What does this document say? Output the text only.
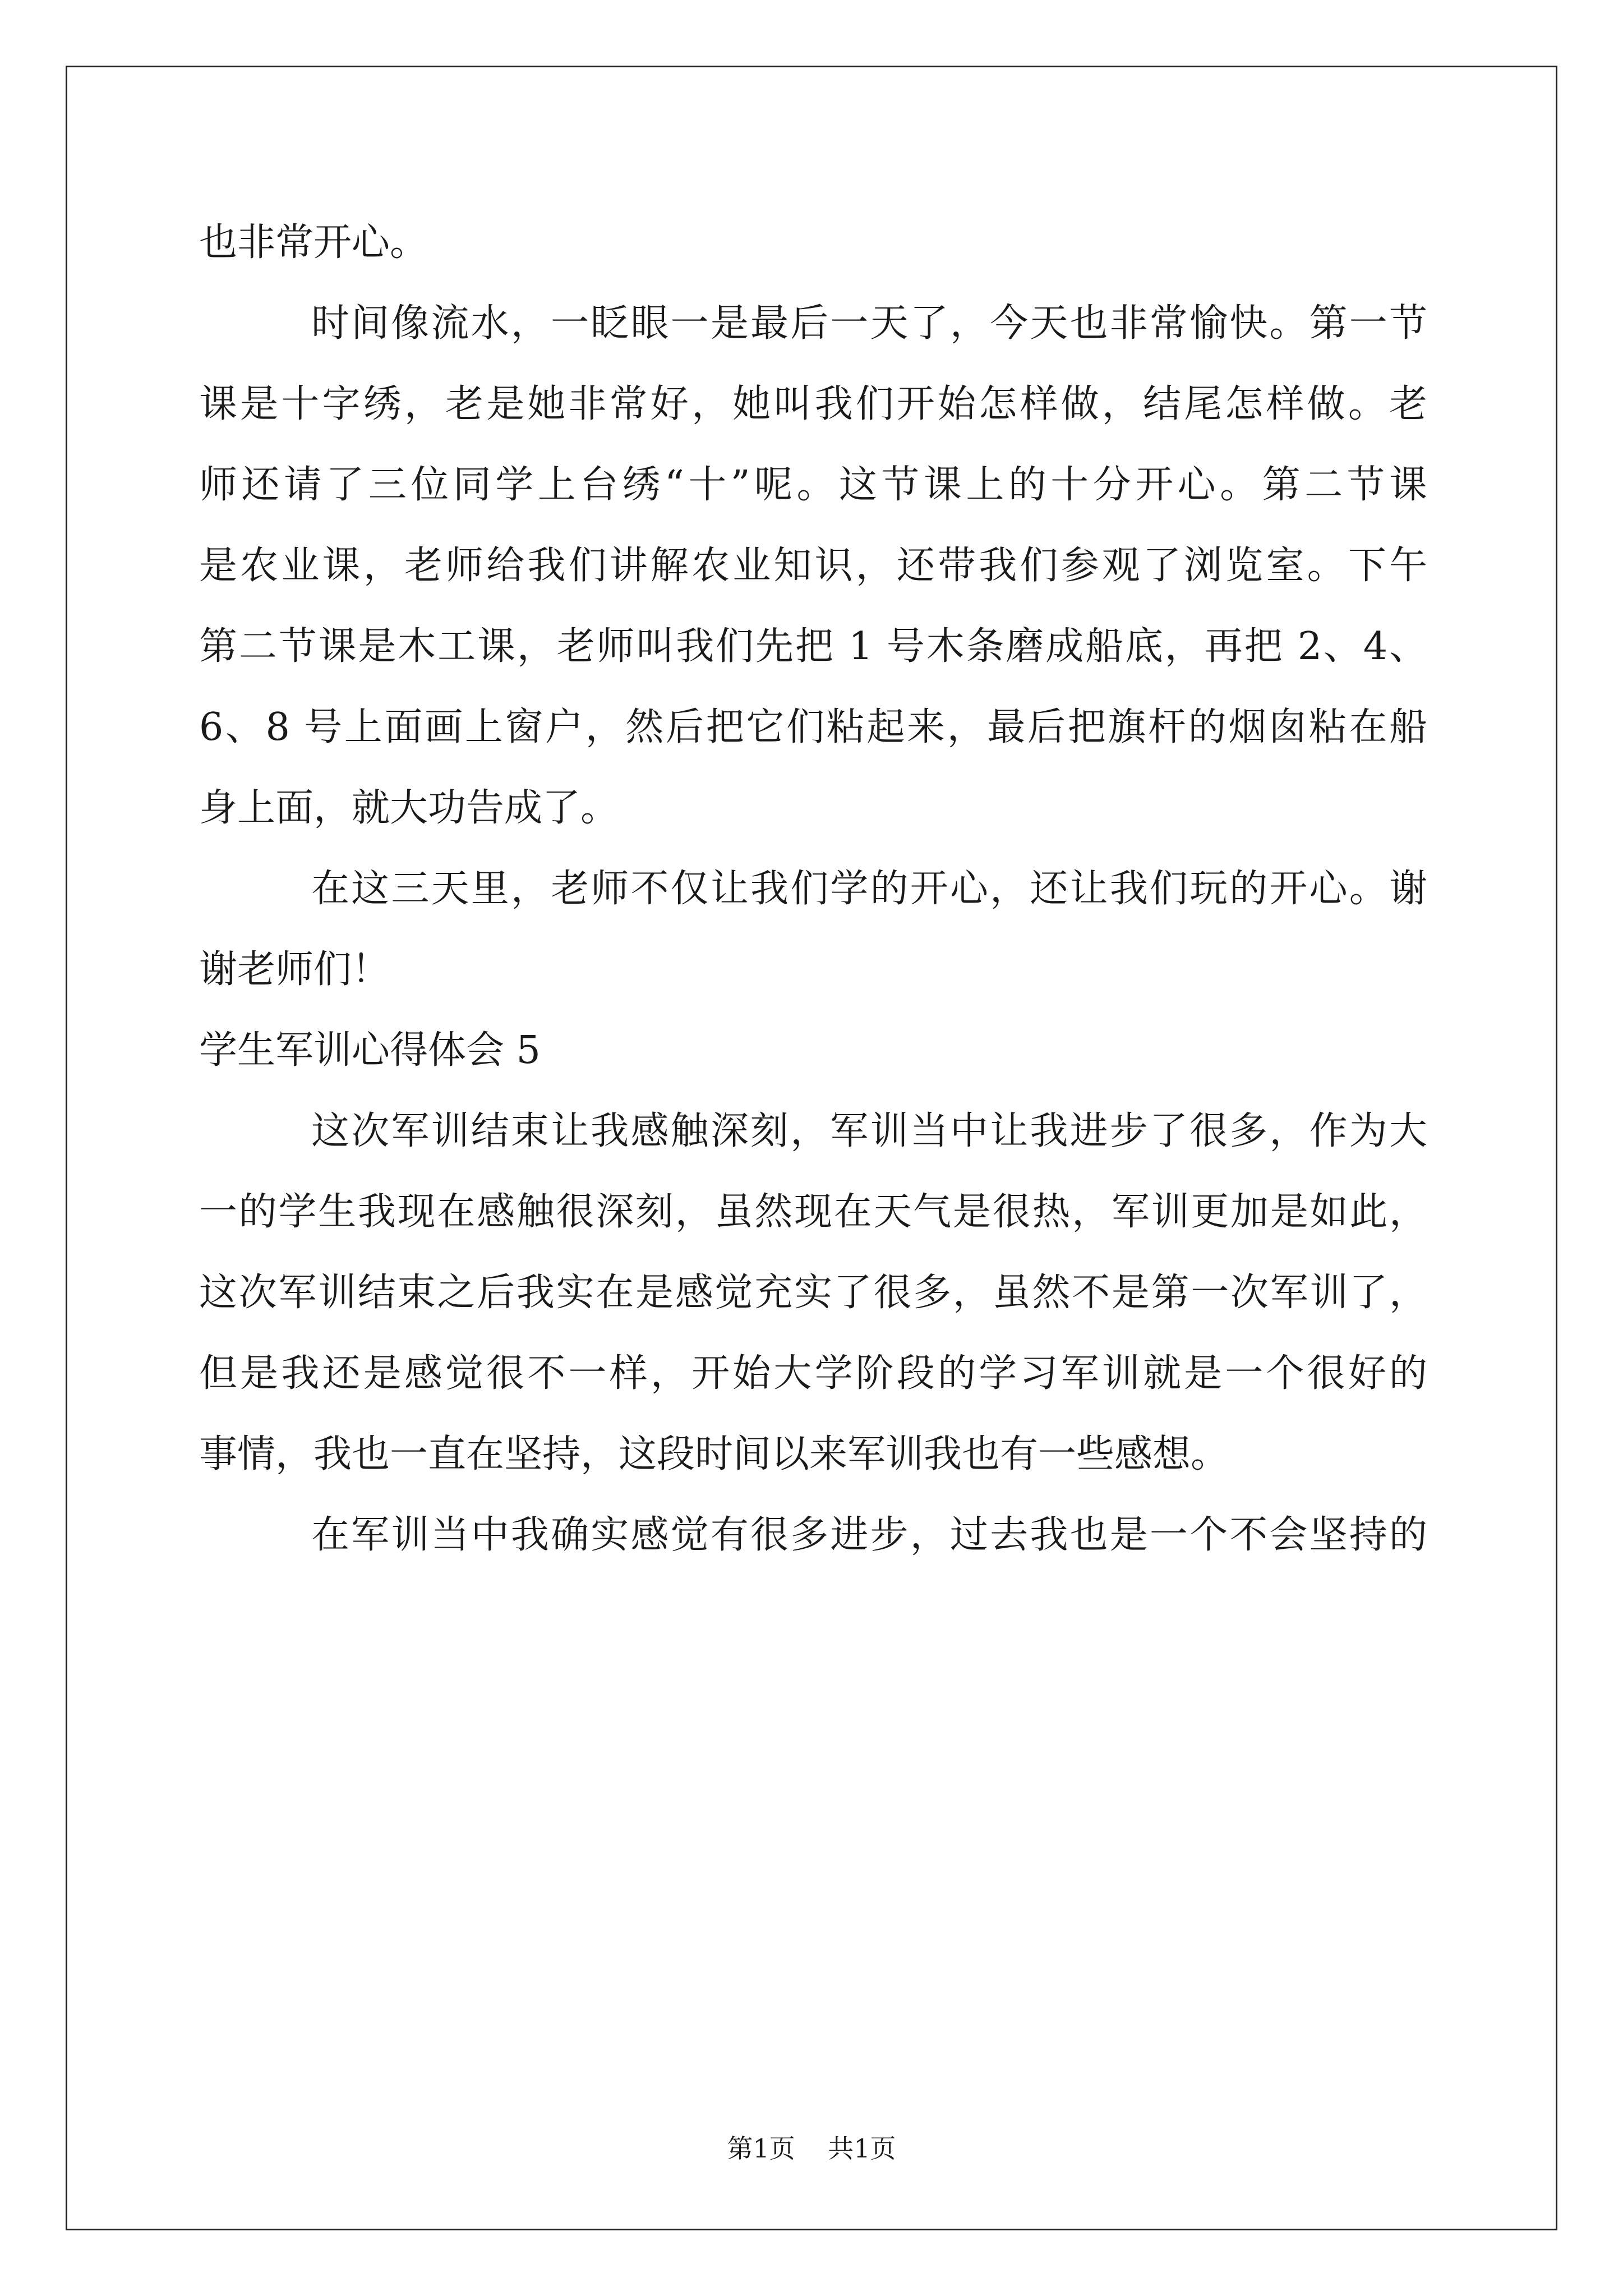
也非常开心。
时间像流水，一眨眼一是最后一天了，今天也非常愉快。第一节
课是十字绣，老是她非常好，她叫我们开始怎样做，结尾怎样做。老
师还请了三位同学上台绣“十”呢。这节课上的十分开心。第二节课
是农业课，老师给我们讲解农业知识，还带我们参观了浏览室。下午
第二节课是木工课，老师叫我们先把 1 号木条磨成船底，再把 2、4、
6、8 号上面画上窗户，然后把它们粘起来，最后把旗杆的烟囱粘在船
身上面，就大功告成了。
在这三天里，老师不仅让我们学的开心，还让我们玩的开心。谢
谢老师们！
学生军训心得体会 5
这次军训结束让我感触深刻，军训当中让我进步了很多，作为大
一的学生我现在感触很深刻，虽然现在天气是很热，军训更加是如此，
这次军训结束之后我实在是感觉充实了很多，虽然不是第一次军训了，
但是我还是感觉很不一样，开始大学阶段的学习军训就是一个很好的
事情，我也一直在坚持，这段时间以来军训我也有一些感想。
在军训当中我确实感觉有很多进步，过去我也是一个不会坚持的
第1页 共1页
